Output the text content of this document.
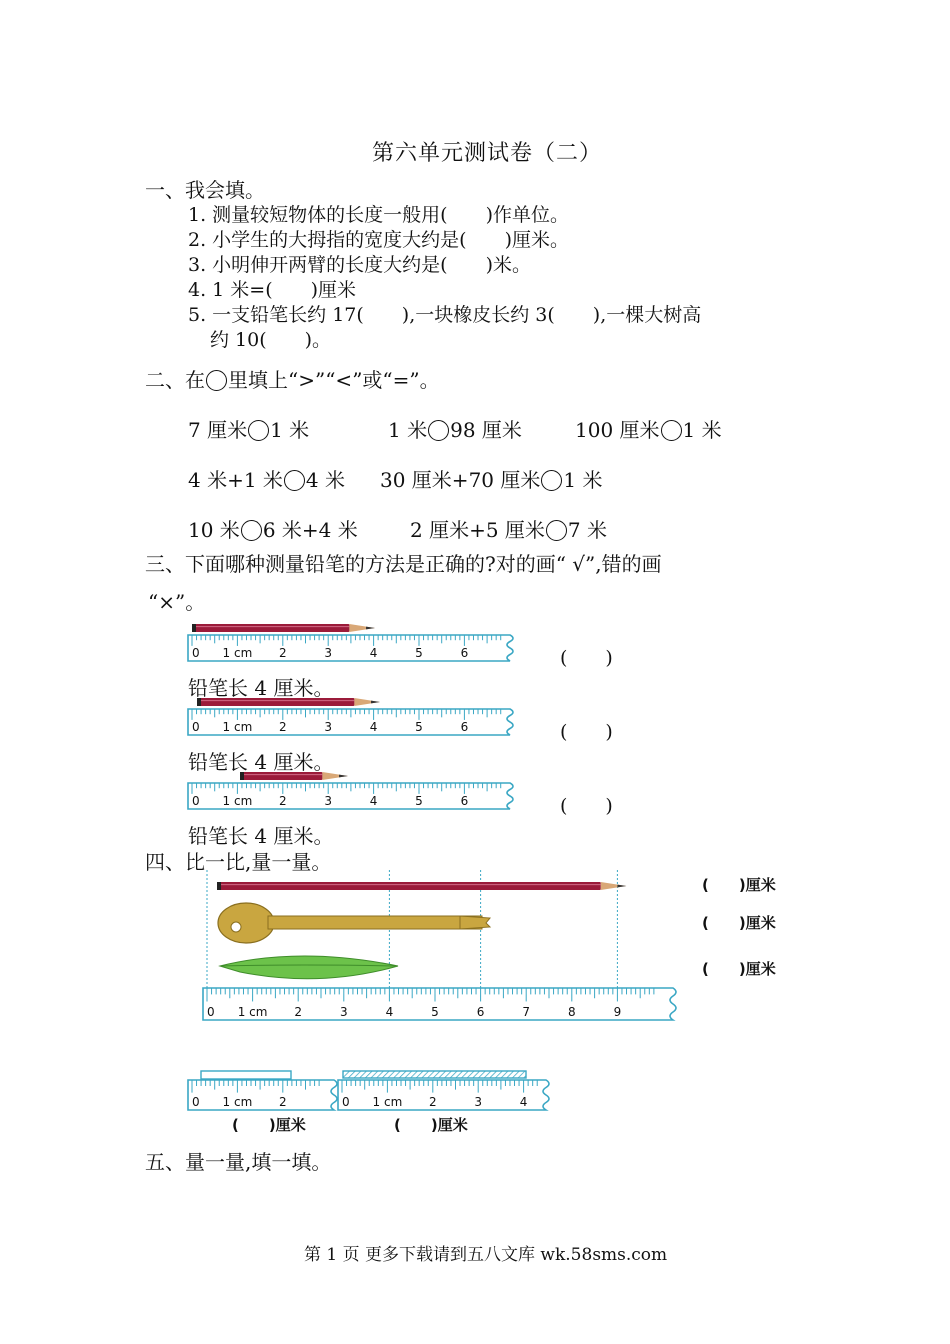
第六单元测试卷（二）
一、我会填。
1. 测量较短物体的长度一般用(　　)作单位。
2. 小学生的大拇指的宽度大约是(　　)厘米。
3. 小明伸开两臂的长度大约是(　　)米。
4. 1 米=(　　)厘米
5. 一支铅笔长约 17(　　),一块橡皮长约 3(　　),一棵大树高
约 10(　　)。
二、在 里填上“>”“<”或“=”。
7 厘米 1 米	1 米 98 厘米	100 厘米 1 米
4 米+1 米 4 米 30 厘米+70 厘米 1 米
10 米 6 米+4 米	2 厘米+5 厘米 7 米
三、下面哪种测量铅笔的方法是正确的?对的画“ √”,错的画
“×”。
0 1 cm 2	3	4	5	6
0 1 cm 2	3	4	5	6
0 1 cm 2	3	4	5	6
(　　)
(　　)
(　　)
铅笔长 4 厘米。
铅笔长 4 厘米。
铅笔长 4 厘米。
四、比一比,量一量。
0 1 cm 2	3	4	5	6	7	8	9
0 1 cm 2	0 1 cm 2	3	4
(　　)厘米
(　　)厘米
(　　)厘米
(　　)厘米	(　　)厘米
五、量一量,填一填。
第 1 页 更多下载请到五八文库 wk.58sms.com
